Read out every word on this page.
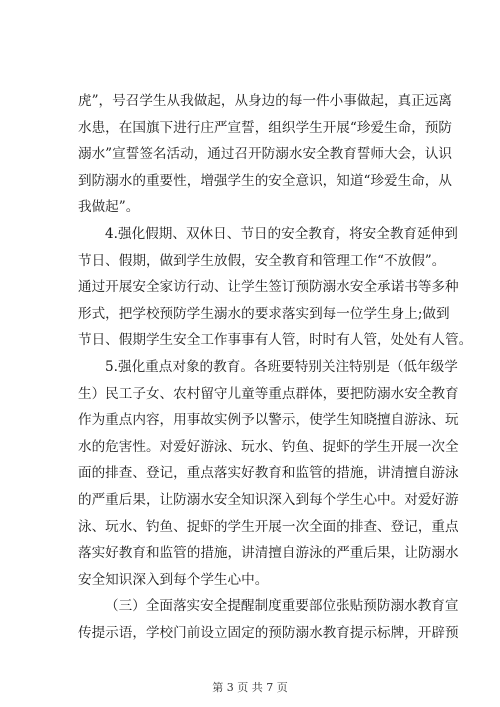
虎”，号召学生从我做起，从身边的每一件小事做起，真正远离
水患，在国旗下进行庄严宣誓，组织学生开展“珍爱生命，预防
溺水”宣誓签名活动，通过召开防溺水安全教育誓师大会，认识
到防溺水的重要性，增强学生的安全意识，知道“珍爱生命，从
我做起”。
4.强化假期、双休日、节日的安全教育，将安全教育延伸到
节日、假期，做到学生放假，安全教育和管理工作“不放假”。
通过开展安全家访行动、让学生签订预防溺水安全承诺书等多种
形式，把学校预防学生溺水的要求落实到每一位学生身上;做到
节日、假期学生安全工作事事有人管，时时有人管，处处有人管。
5.强化重点对象的教育。各班要特别关注特别是（低年级学
生）民工子女、农村留守儿童等重点群体，要把防溺水安全教育
作为重点内容，用事故实例予以警示，使学生知晓擅自游泳、玩
水的危害性。对爱好游泳、玩水、钓鱼、捉虾的学生开展一次全
面的排查、登记，重点落实好教育和监管的措施，讲清擅自游泳
的严重后果，让防溺水安全知识深入到每个学生心中。对爱好游
泳、玩水、钓鱼、捉虾的学生开展一次全面的排查、登记，重点
落实好教育和监管的措施，讲清擅自游泳的严重后果，让防溺水
安全知识深入到每个学生心中。
（三）全面落实安全提醒制度重要部位张贴预防溺水教育宣
传提示语，学校门前设立固定的预防溺水教育提示标牌，开辟预
第 3 页 共 7 页
